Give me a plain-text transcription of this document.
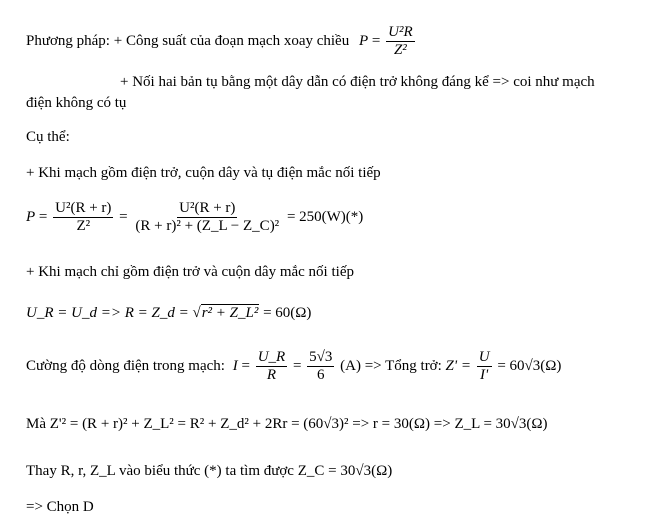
Phương pháp: + Công suất của đoạn mạch xoay chiều $P = \frac{\text{U²R}}{\text{Z²}}$
+ Nối hai bản tụ bằng một dây dẫn có điện trở không đáng kể => coi như mạch
điện không có tụ
Cụ thể:
+ Khi mạch gồm điện trở, cuộn dây và tụ điện mắc nối tiếp
$P = \frac{\text{U²(R + r)}}{\text{Z²}} = \frac{\text{U²(R + r)}}{\text{(R + r)² + (Z\_L − Z\_C)²}} = 250(W)(*)$
+ Khi mạch chỉ gồm điện trở và cuộn dây mắc nối tiếp
U_R = U_d => R = Z_d = √r² + Z_L² = 60(Ω)
Cường độ dòng điện trong mạch: $I = \frac{U\_R}{R} = \frac{5√3}{6} (A)$ => Tổng trở: $Z' = \frac{U}{I'} = 60√3(\Omega)$
Mà Z'² = (R + r)² + Z_L² = R² + Z_d² + 2Rr = (60√3)² => r = 30(Ω) => Z_L = 30√3(Ω)
Thay R, r, Z_L vào biểu thức (*) ta tìm được Z_C = 30√3(Ω)
=> Chọn D
